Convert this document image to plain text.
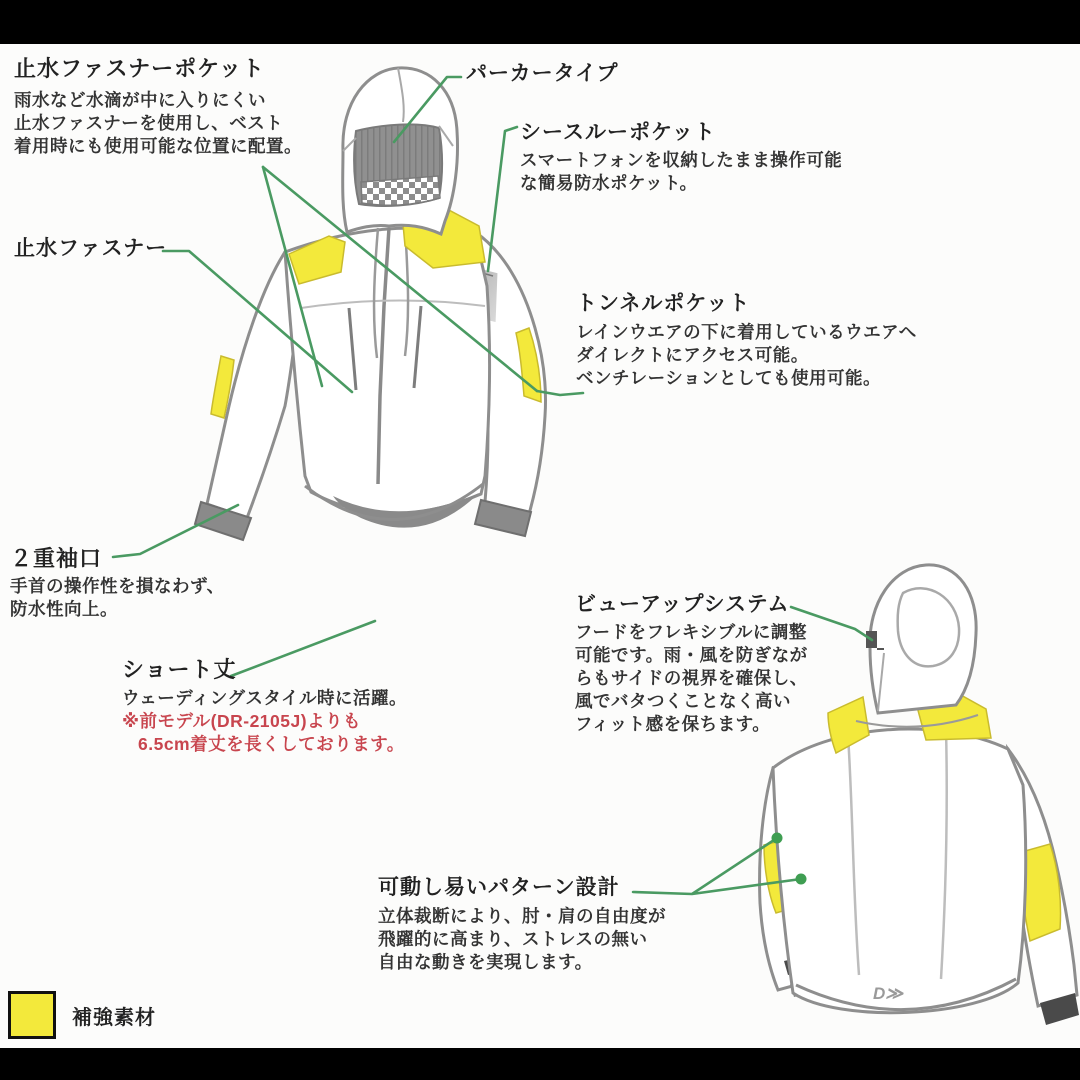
D≫
止水ファスナーポケット
雨水など水滴が中に入りにくい
止水ファスナーを使用し、ベスト
着用時にも使用可能な位置に配置。
パーカータイプ
シースルーポケット
スマートフォンを収納したまま操作可能
な簡易防水ポケット。
止水ファスナー
トンネルポケット
レインウエアの下に着用しているウエアへ
ダイレクトにアクセス可能。
ベンチレーションとしても使用可能。
２重袖口
手首の操作性を損なわず、
防水性向上。
ショート丈
ウェーディングスタイル時に活躍。
※前モデル(DR-2105J)よりも
6.5cm着丈を長くしております。
ビューアップシステム
フードをフレキシブルに調整
可能です。雨・風を防ぎなが
らもサイドの視界を確保し、
風でバタつくことなく高い
フィット感を保ちます。
可動し易いパターン設計
立体裁断により、肘・肩の自由度が
飛躍的に高まり、ストレスの無い
自由な動きを実現します。
補強素材
